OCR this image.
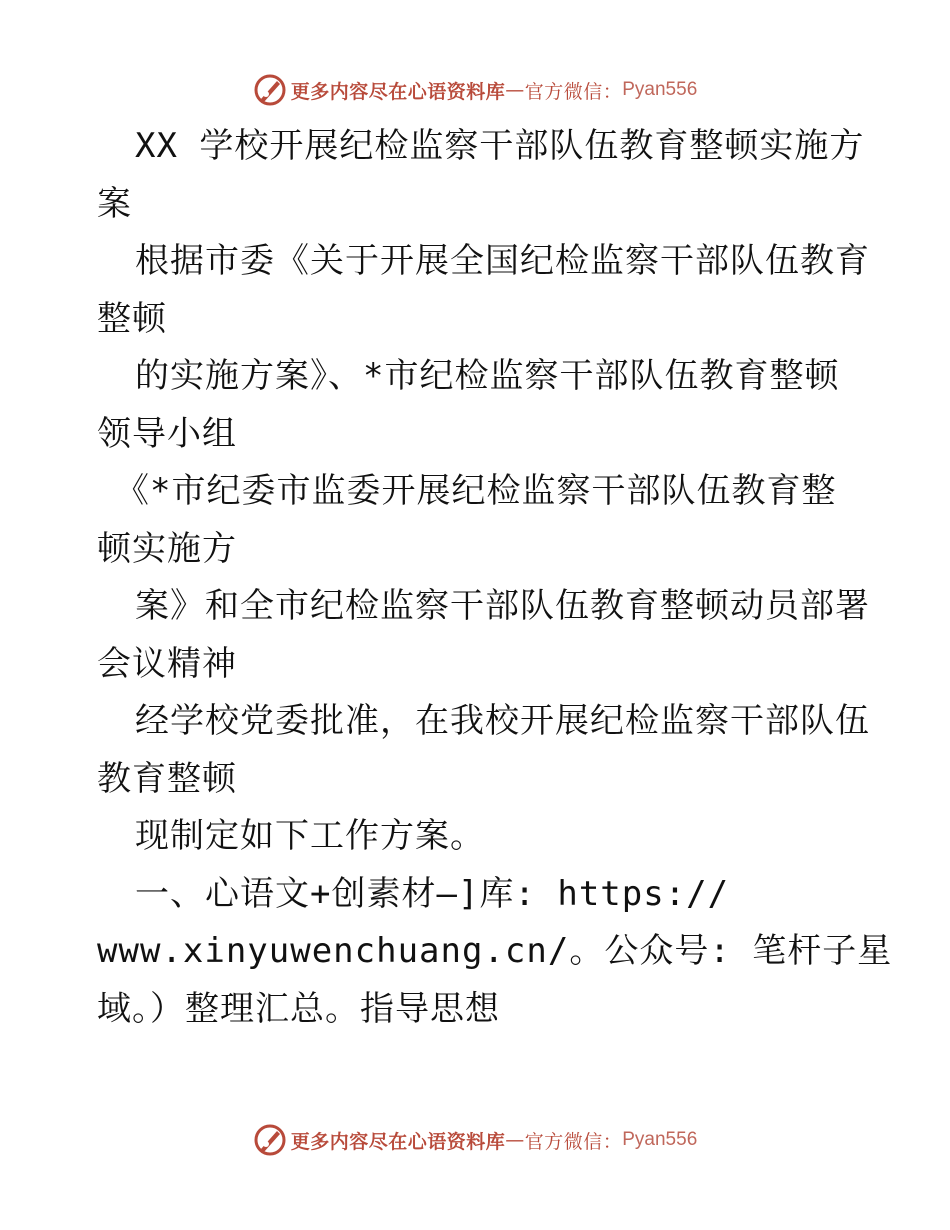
更多内容尽在心语资料库 — 官方微信： Pyan556
XX 学校开展纪检监察干部队伍教育整顿实施方
案
根据市委《关于开展全国纪检监察干部队伍教育
整顿
的实施方案》、*市纪检监察干部队伍教育整顿
领导小组
《*市纪委市监委开展纪检监察干部队伍教育整
顿实施方
案》和全市纪检监察干部队伍教育整顿动员部署
会议精神
经学校党委批准，在我校开展纪检监察干部队伍
教育整顿
现制定如下工作方案。
一、心语文+创素材—]库: https://
www.xinyuwenchuang.cn/。公众号: 笔杆子星
域。）整理汇总。指导思想
更多内容尽在心语资料库 — 官方微信： Pyan556
